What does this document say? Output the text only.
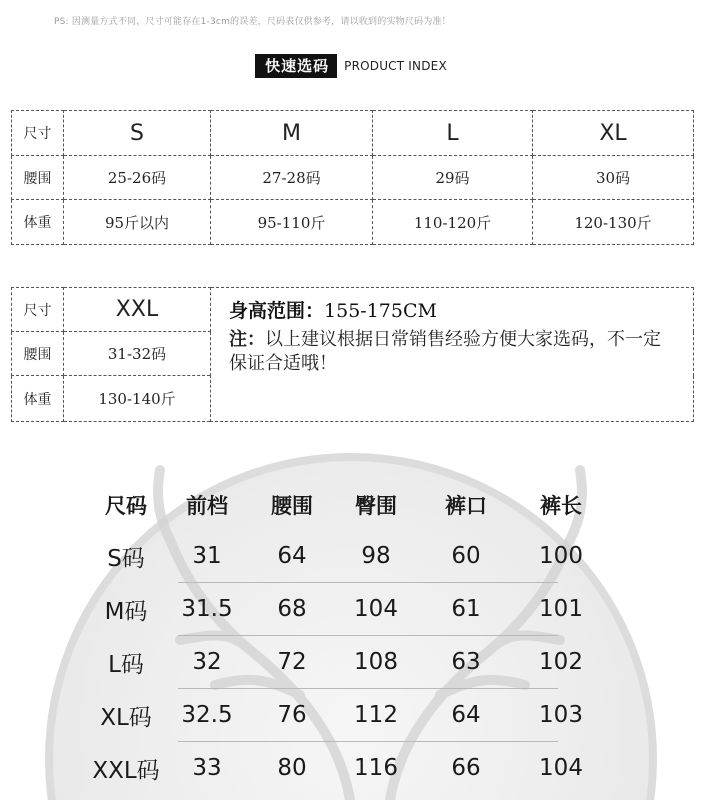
PS: 因测量方式不同，尺寸可能存在1-3cm的误差，尺码表仅供参考，请以收到的实物尺码为准！
快速选码	PRODUCT INDEX
尺寸	S	M	L	XL
腰围	25-26码	27-28码	29码	30码
体重	95斤以内	95-110斤	110-120斤	120-130斤
尺寸	XXL	身高范围：155-175CM
注：以上建议根据日常销售经验方便大家选码，不一定保证合适哦！

腰围	31-32码	
体重	130-140斤	
尺码	前档	腰围	臀围	裤口	裤长
S码	31	64	98	60	100
M码	31.5	68	104	61	101
L码	32	72	108	63	102
XL码	32.5	76	112	64	103
XXL码	33	80	116	66	104
